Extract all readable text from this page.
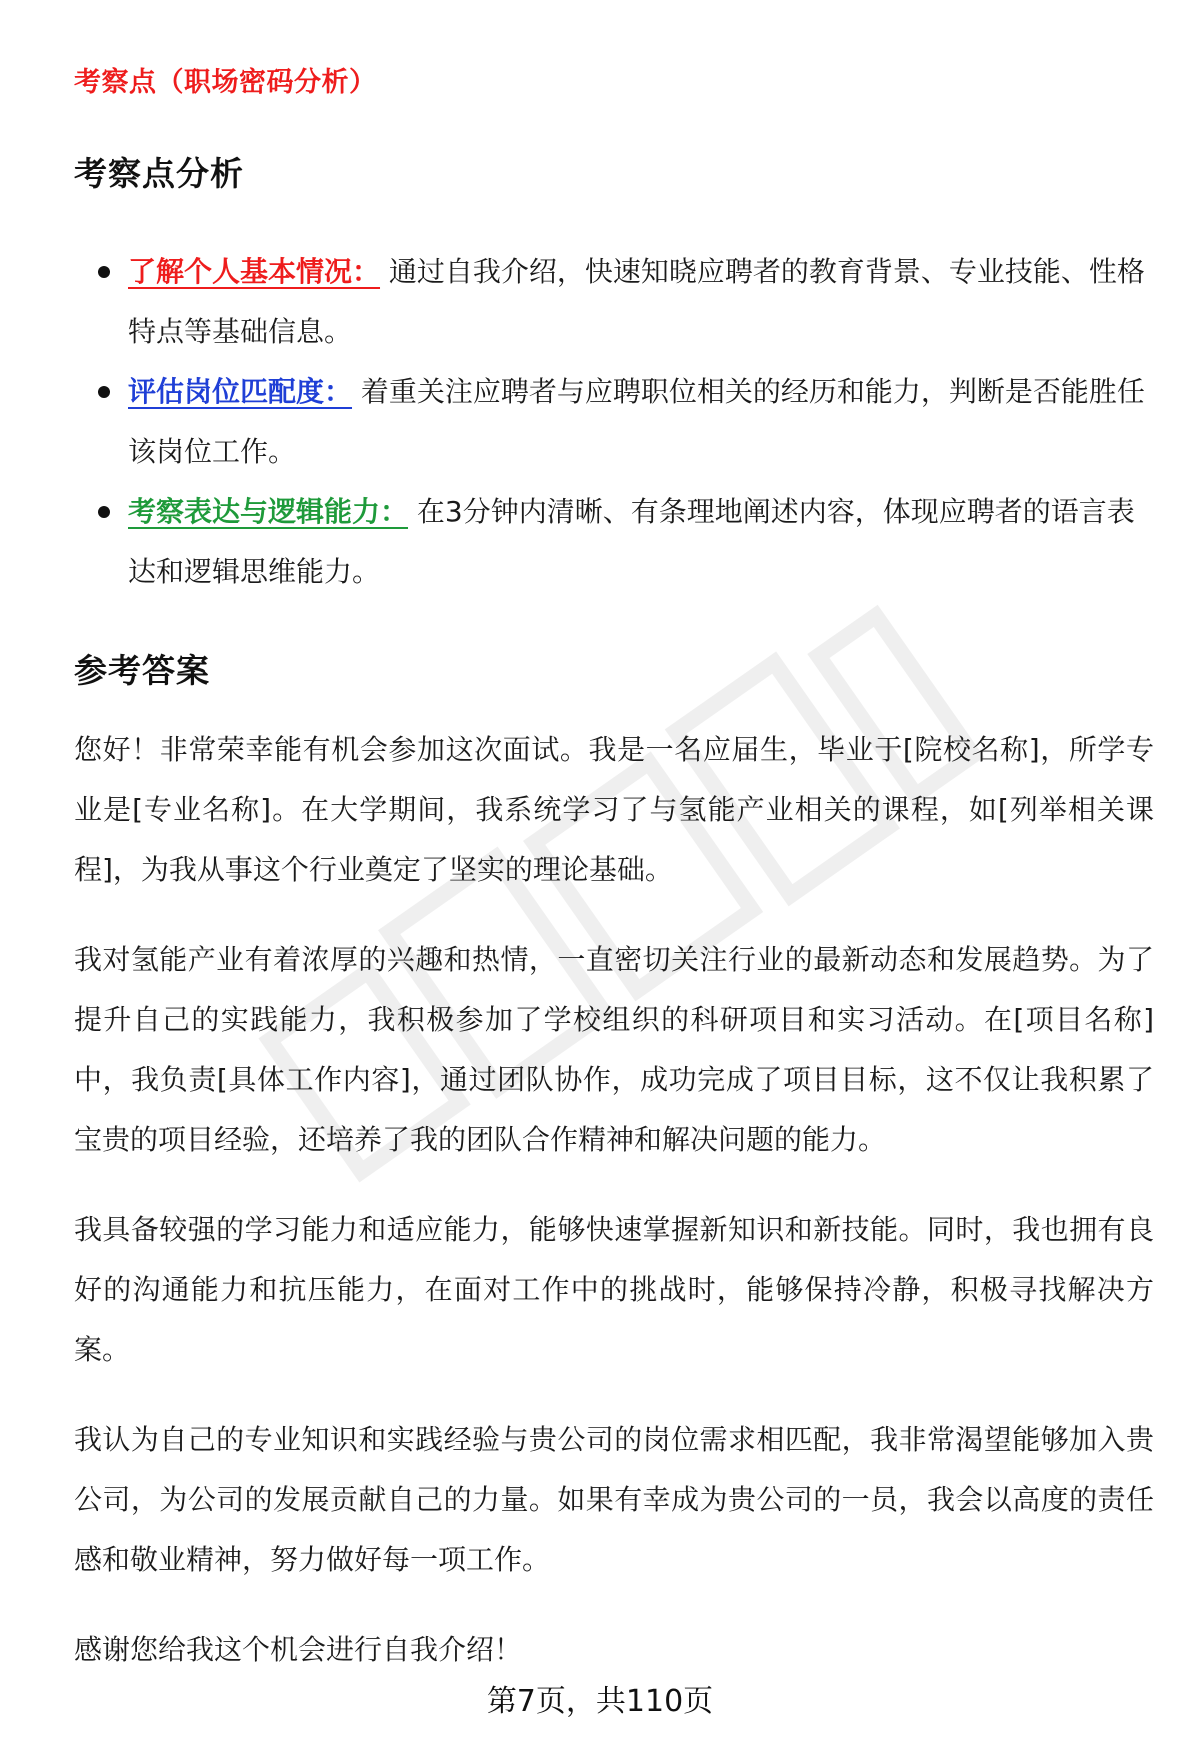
考察点（职场密码分析）
考察点分析
了解个人基本情况： 通过自我介绍，快速知晓应聘者的教育背景、专业技能、性格特点等基础信息。
评估岗位匹配度： 着重关注应聘者与应聘职位相关的经历和能力，判断是否能胜任该岗位工作。
考察表达与逻辑能力： 在3分钟内清晰、有条理地阐述内容，体现应聘者的语言表达和逻辑思维能力。
参考答案

您好！非常荣幸能有机会参加这次面试。我是一名应届生，毕业于[院校名称]，所学专业是[专业名称]。在大学期间，我系统学习了与氢能产业相关的课程，如[列举相关课程]，为我从事这个行业奠定了坚实的理论基础。

我对氢能产业有着浓厚的兴趣和热情，一直密切关注行业的最新动态和发展趋势。为了提升自己的实践能力，我积极参加了学校组织的科研项目和实习活动。在[项目名称]中，我负责[具体工作内容]，通过团队协作，成功完成了项目目标，这不仅让我积累了宝贵的项目经验，还培养了我的团队合作精神和解决问题的能力。

我具备较强的学习能力和适应能力，能够快速掌握新知识和新技能。同时，我也拥有良好的沟通能力和抗压能力，在面对工作中的挑战时，能够保持冷静，积极寻找解决方案。

我认为自己的专业知识和实践经验与贵公司的岗位需求相匹配，我非常渴望能够加入贵公司，为公司的发展贡献自己的力量。如果有幸成为贵公司的一员，我会以高度的责任感和敬业精神，努力做好每一项工作。

感谢您给我这个机会进行自我介绍！

第7页，共110页
